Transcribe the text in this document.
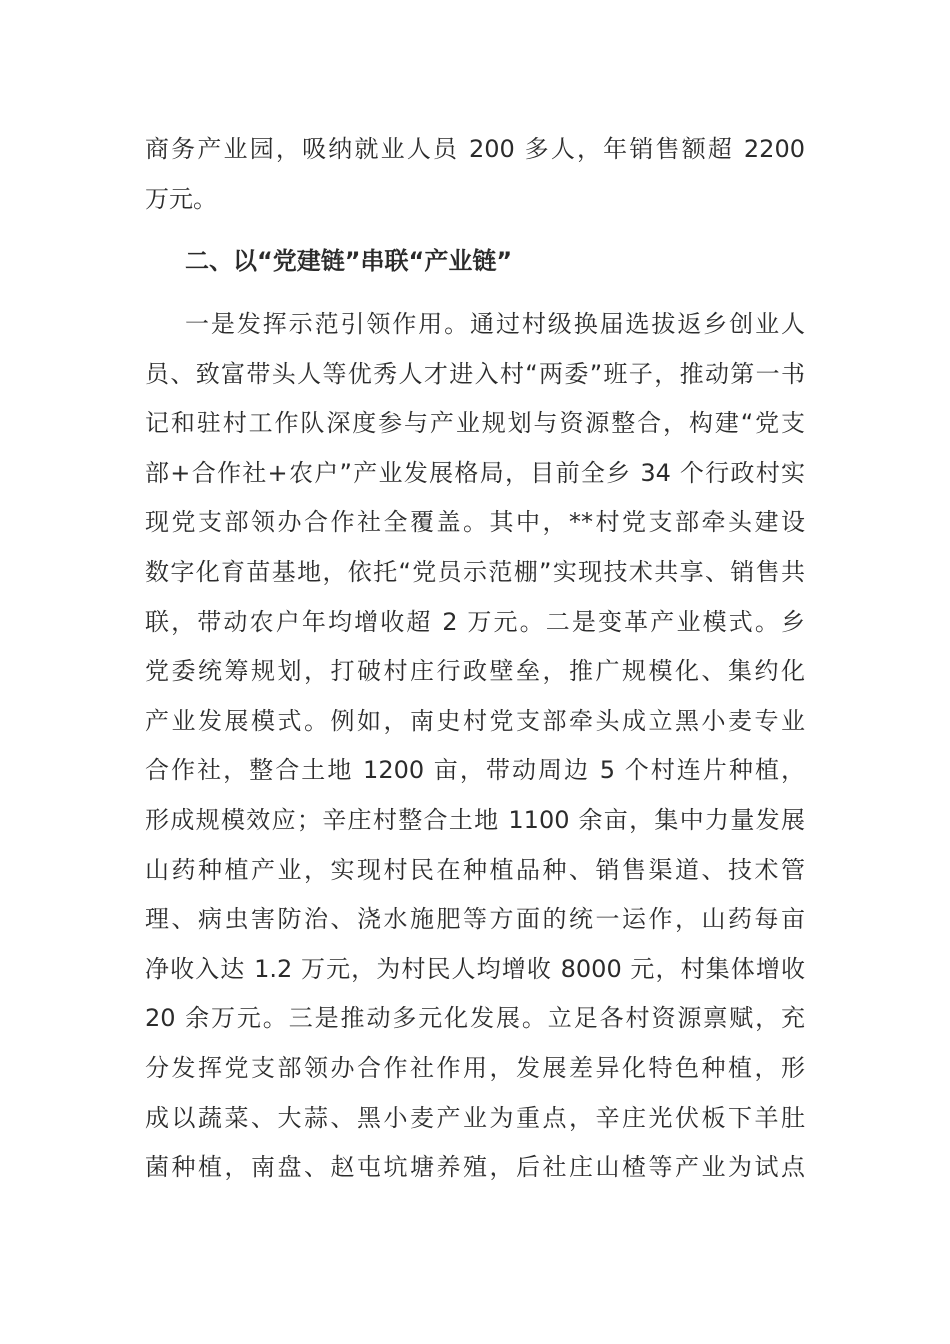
商务产业园，吸纳就业人员 200 多人，年销售额超 2200
万元。
二、以“党建链”串联“产业链”
一是发挥示范引领作用。通过村级换届选拔返乡创业人
员、致富带头人等优秀人才进入村“两委”班子，推动第一书
记和驻村工作队深度参与产业规划与资源整合，构建“党支
部+合作社+农户”产业发展格局，目前全乡 34 个行政村实
现党支部领办合作社全覆盖。其中，**村党支部牵头建设
数字化育苗基地，依托“党员示范棚”实现技术共享、销售共
联，带动农户年均增收超 2 万元。二是变革产业模式。乡
党委统筹规划，打破村庄行政壁垒，推广规模化、集约化
产业发展模式。例如，南史村党支部牵头成立黑小麦专业
合作社，整合土地 1200 亩，带动周边 5 个村连片种植，
形成规模效应；辛庄村整合土地 1100 余亩，集中力量发展
山药种植产业，实现村民在种植品种、销售渠道、技术管
理、病虫害防治、浇水施肥等方面的统一运作，山药每亩
净收入达 1.2 万元，为村民人均增收 8000 元，村集体增收
20 余万元。三是推动多元化发展。立足各村资源禀赋，充
分发挥党支部领办合作社作用，发展差异化特色种植，形
成以蔬菜、大蒜、黑小麦产业为重点，辛庄光伏板下羊肚
菌种植，南盘、赵屯坑塘养殖，后社庄山楂等产业为试点
